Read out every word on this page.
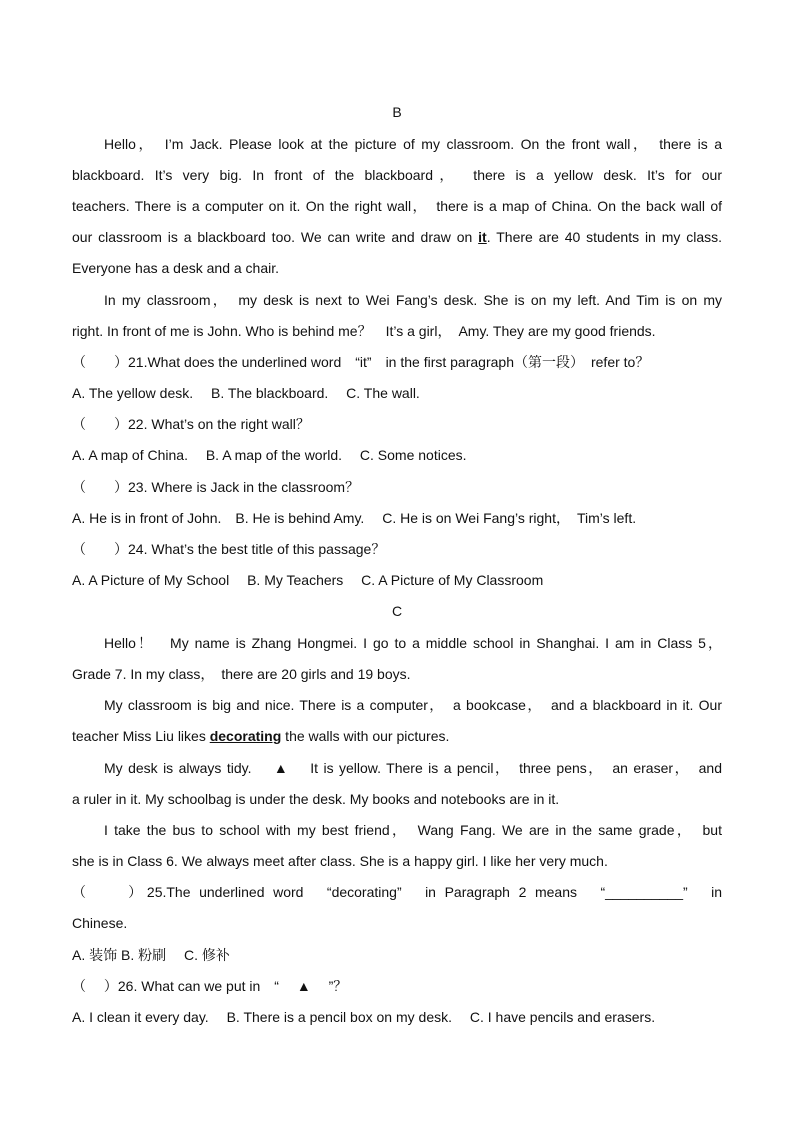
B
Hello，　I’m Jack. Please look at the picture of my classroom. On the front wall，　there is a
blackboard. It’s very big. In front of the blackboard，　there is a yellow desk. It’s for our
teachers. There is a computer on it. On the right wall，　there is a map of China. On the back wall of
our classroom is a blackboard too. We can write and draw on it. There are 40 students in my class.
Everyone has a desk and a chair.
In my classroom，　my desk is next to Wei Fang’s desk. She is on my left. And Tim is on my
right. In front of me is John. Who is behind me？　It’s a girl，　Amy. They are my good friends.
（　　）21.What does the underlined word　“it”　in the first paragraph（第一段）　refer to？
A. The yellow desk.　 B. The blackboard.　 C. The wall.
（　　）22. What’s on the right wall？
A. A map of China.　 B. A map of the world.　 C. Some notices.
（　　）23. Where is Jack in the classroom？
A. He is in front of John.　B. He is behind Amy.　 C. He is on Wei Fang’s right，　Tim’s left.
（　　）24. What’s the best title of this passage？
A. A Picture of My School　 B. My Teachers　 C. A Picture of My Classroom
C
Hello！　My name is Zhang Hongmei. I go to a middle school in Shanghai. I am in Class 5，
Grade 7. In my class，　there are 20 girls and 19 boys.
My classroom is big and nice. There is a computer，　a bookcase，　and a blackboard in it. Our
teacher Miss Liu likes decorating the walls with our pictures.
My desk is always tidy.　 ▲　 It is yellow. There is a pencil，　three pens，　an eraser，　and
a ruler in it. My schoolbag is under the desk. My books and notebooks are in it.
I take the bus to school with my best friend，　Wang Fang. We are in the same grade，　but
she is in Class 6. We always meet after class. She is a happy girl. I like her very much.
（　　）25.The underlined word　“decorating”　in Paragraph 2 means　“__________”　in
Chinese.
A. 装饰 B. 粉刷　 C. 修补
（　 ）26. What can we put in　“　 ▲　 ”？
A. I clean it every day.　 B. There is a pencil box on my desk.　 C. I have pencils and erasers.
